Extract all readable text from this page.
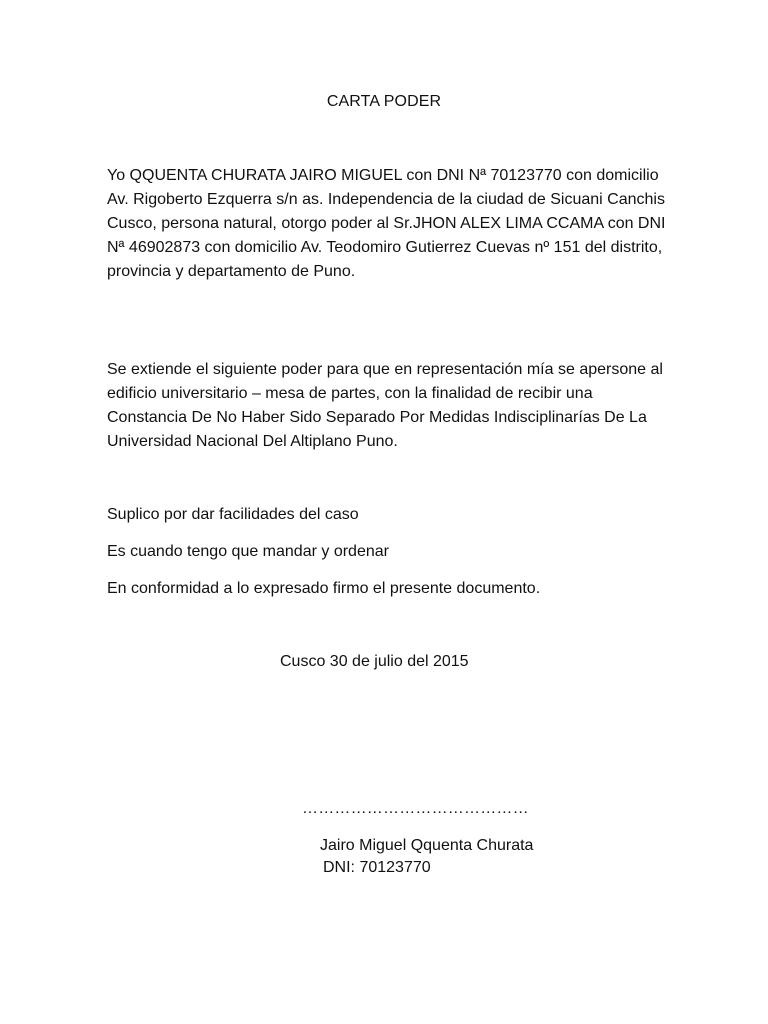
CARTA PODER

Yo QQUENTA CHURATA JAIRO MIGUEL con DNI Nª 70123770 con domicilio Av. Rigoberto Ezquerra s/n as. Independencia de la ciudad de Sicuani Canchis Cusco, persona natural, otorgo poder al Sr.JHON ALEX LIMA CCAMA con DNI Nª 46902873 con domicilio Av. Teodomiro Gutierrez Cuevas nº 151 del distrito, provincia y departamento de Puno.

Se extiende el siguiente poder para que en representación mía se apersone al edificio universitario – mesa de partes, con la finalidad de recibir una Constancia De No Haber Sido Separado Por Medidas Indisciplinarías De La Universidad Nacional Del Altiplano Puno.

Suplico por dar facilidades del caso

Es cuando tengo que mandar y ordenar

En conformidad a lo expresado firmo el presente documento.

Cusco 30 de julio del 2015

……………………………………

Jairo Miguel Qquenta Churata

DNI: 70123770
